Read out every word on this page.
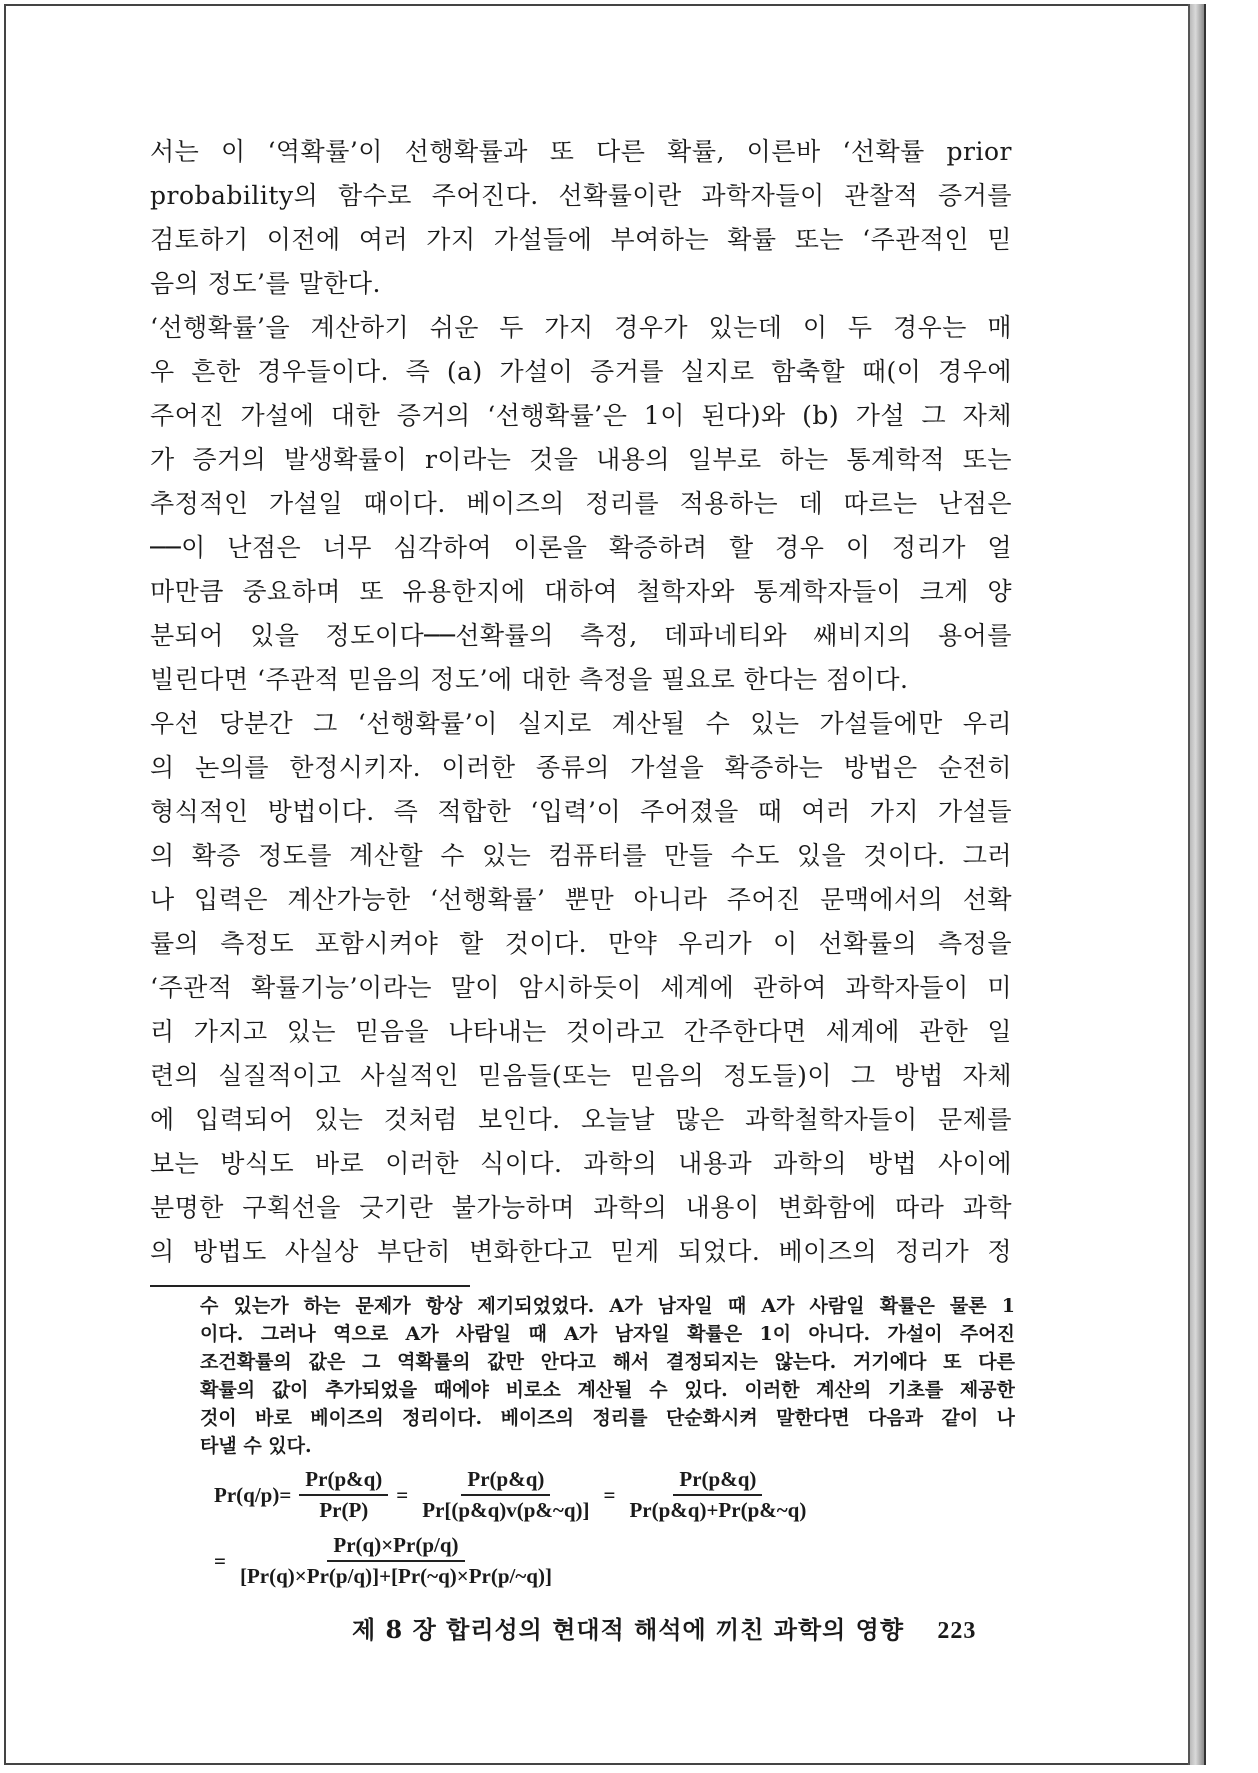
서는 이 ‘역확률’이 선행확률과 또 다른 확률, 이른바 ‘선확률 prior
probability의 함수로 주어진다. 선확률이란 과학자들이 관찰적 증거를
검토하기 이전에 여러 가지 가설들에 부여하는 확률 또는 ‘주관적인 믿
음의 정도’를 말한다.
‘선행확률’을 계산하기 쉬운 두 가지 경우가 있는데 이 두 경우는 매
우 흔한 경우들이다. 즉 (a) 가설이 증거를 실지로 함축할 때(이 경우에
주어진 가설에 대한 증거의 ‘선행확률’은 1이 된다)와 (b) 가설 그 자체
가 증거의 발생확률이 r이라는 것을 내용의 일부로 하는 통계학적 또는
추정적인 가설일 때이다. 베이즈의 정리를 적용하는 데 따르는 난점은
──이 난점은 너무 심각하여 이론을 확증하려 할 경우 이 정리가 얼
마만큼 중요하며 또 유용한지에 대하여 철학자와 통계학자들이 크게 양
분되어 있을 정도이다──선확률의 측정, 데파네티와 쌔비지의 용어를
빌린다면 ‘주관적 믿음의 정도’에 대한 측정을 필요로 한다는 점이다.
우선 당분간 그 ‘선행확률’이 실지로 계산될 수 있는 가설들에만 우리
의 논의를 한정시키자. 이러한 종류의 가설을 확증하는 방법은 순전히
형식적인 방법이다. 즉 적합한 ‘입력’이 주어졌을 때 여러 가지 가설들
의 확증 정도를 계산할 수 있는 컴퓨터를 만들 수도 있을 것이다. 그러
나 입력은 계산가능한 ‘선행확률’ 뿐만 아니라 주어진 문맥에서의 선확
률의 측정도 포함시켜야 할 것이다. 만약 우리가 이 선확률의 측정을
‘주관적 확률기능’이라는 말이 암시하듯이 세계에 관하여 과학자들이 미
리 가지고 있는 믿음을 나타내는 것이라고 간주한다면 세계에 관한 일
련의 실질적이고 사실적인 믿음들(또는 믿음의 정도들)이 그 방법 자체
에 입력되어 있는 것처럼 보인다. 오늘날 많은 과학철학자들이 문제를
보는 방식도 바로 이러한 식이다. 과학의 내용과 과학의 방법 사이에
분명한 구획선을 긋기란 불가능하며 과학의 내용이 변화함에 따라 과학
의 방법도 사실상 부단히 변화한다고 믿게 되었다. 베이즈의 정리가 정
수 있는가 하는 문제가 항상 제기되었었다. A가 남자일 때 A가 사람일 확률은 물론 1
이다. 그러나 역으로 A가 사람일 때 A가 남자일 확률은 1이 아니다. 가설이 주어진
조건확률의 값은 그 역확률의 값만 안다고 해서 결정되지는 않는다. 거기에다 또 다른
확률의 값이 추가되었을 때에야 비로소 계산될 수 있다. 이러한 계산의 기초를 제공한
것이 바로 베이즈의 정리이다. 베이즈의 정리를 단순화시켜 말한다면 다음과 같이 나
타낼 수 있다.
$Pr(q/p)= \frac{Pr(p\&q)}{Pr(P)} = \frac{Pr(p\&q)}{Pr[(p\&q)v(p\&\sim q)]} = \frac{Pr(p\&q)}{Pr(p\&q)+Pr(p\&\sim q)}$
= $\frac{Pr(q)\times Pr(p/q)}{[Pr(q)\times Pr(p/q)]+[Pr(\sim q)\times Pr(p/\sim q)]}$
제 8 장 합리성의 현대적 해석에 끼친 과학의 영향 223
